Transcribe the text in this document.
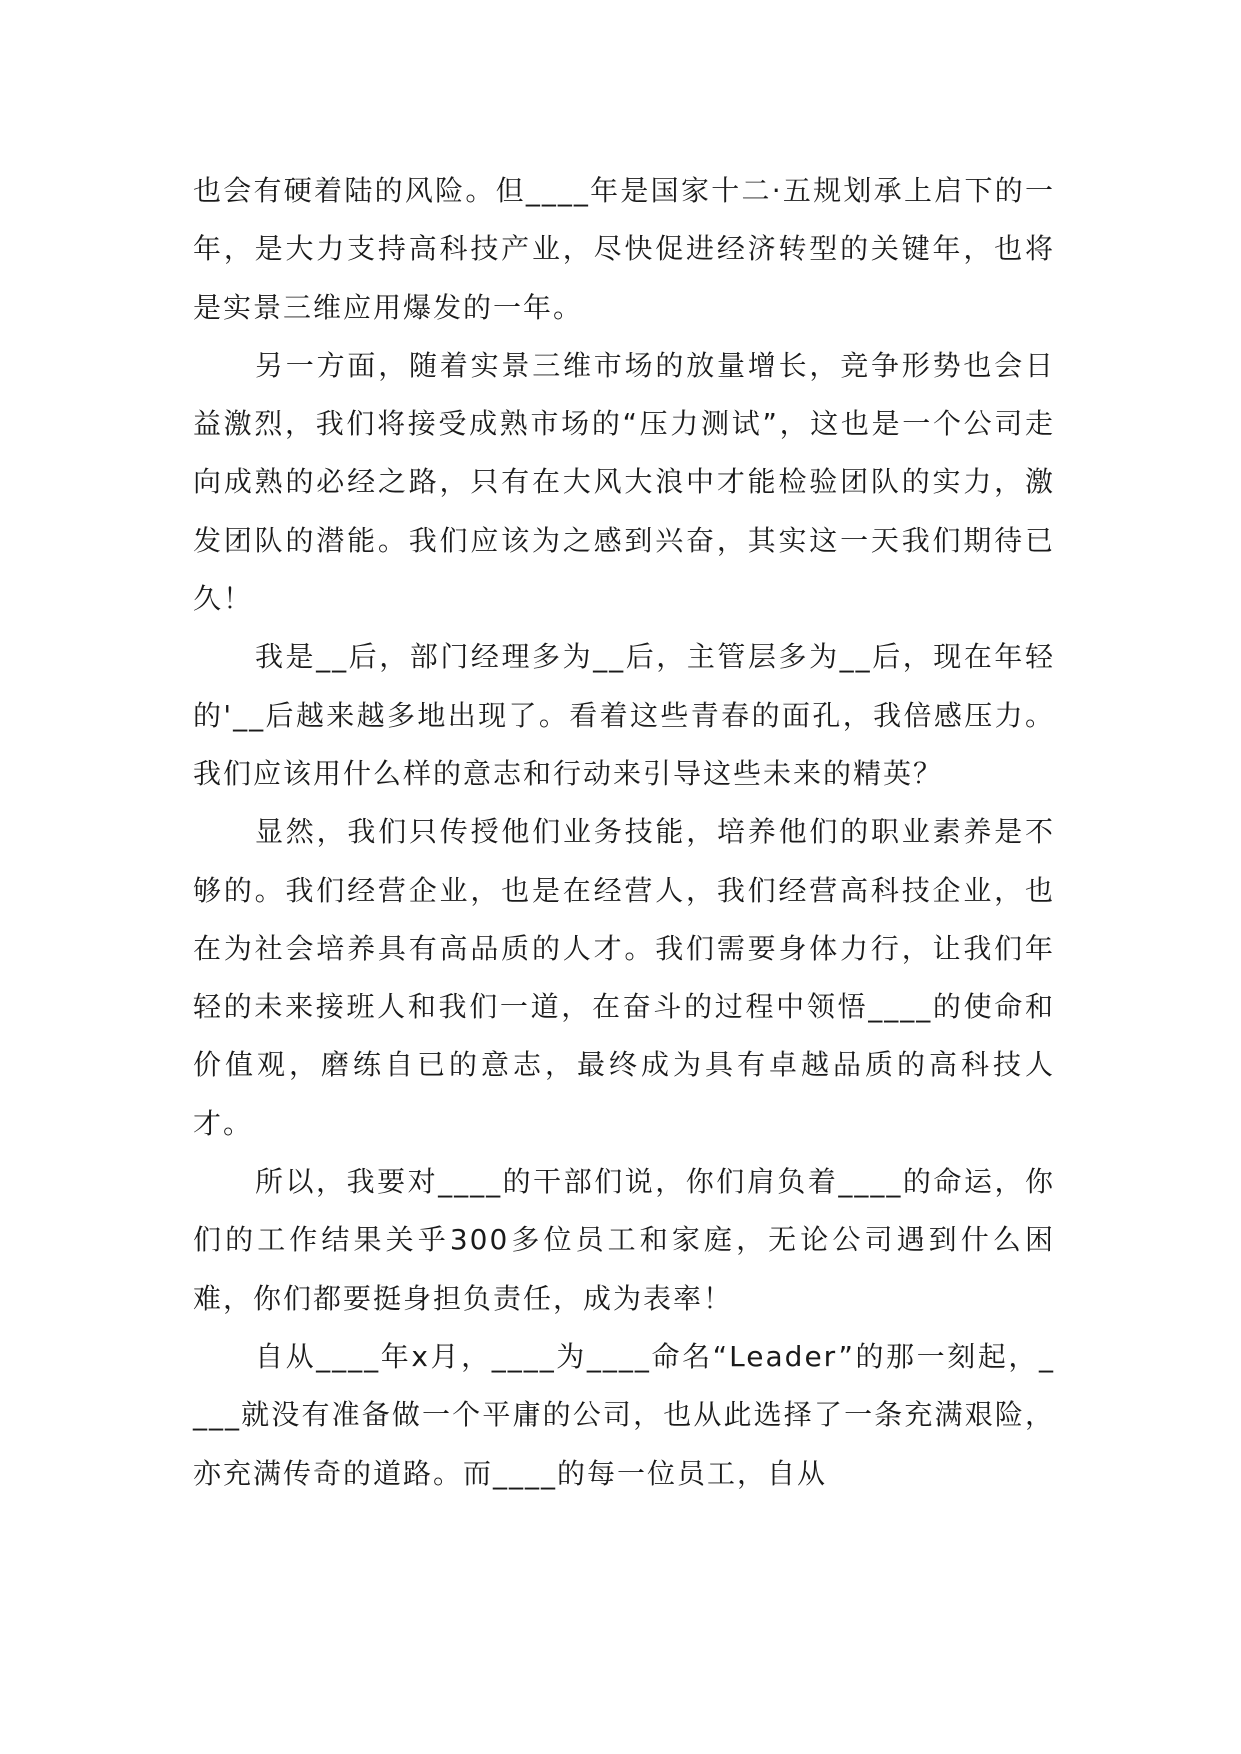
也会有硬着陆的风险。但____年是国家十二·五规划承上启下的一年，是大力支持高科技产业，尽快促进经济转型的关键年，也将是实景三维应用爆发的一年。

另一方面，随着实景三维市场的放量增长，竞争形势也会日益激烈，我们将接受成熟市场的“压力测试”，这也是一个公司走向成熟的必经之路，只有在大风大浪中才能检验团队的实力，激发团队的潜能。我们应该为之感到兴奋，其实这一天我们期待已久！

我是__后，部门经理多为__后，主管层多为__后，现在年轻的'__后越来越多地出现了。看着这些青春的面孔，我倍感压力。我们应该用什么样的意志和行动来引导这些未来的精英？

显然，我们只传授他们业务技能，培养他们的职业素养是不够的。我们经营企业，也是在经营人，我们经营高科技企业，也在为社会培养具有高品质的人才。我们需要身体力行，让我们年轻的未来接班人和我们一道，在奋斗的过程中领悟____的使命和价值观，磨练自已的意志，最终成为具有卓越品质的高科技人才。

所以，我要对____的干部们说，你们肩负着____的命运，你们的工作结果关乎300多位员工和家庭，无论公司遇到什么困难，你们都要挺身担负责任，成为表率！

自从____年x月，____为____命名“Leader”的那一刻起，____就没有准备做一个平庸的公司，也从此选择了一条充满艰险，亦充满传奇的道路。而____的每一位员工，自从
